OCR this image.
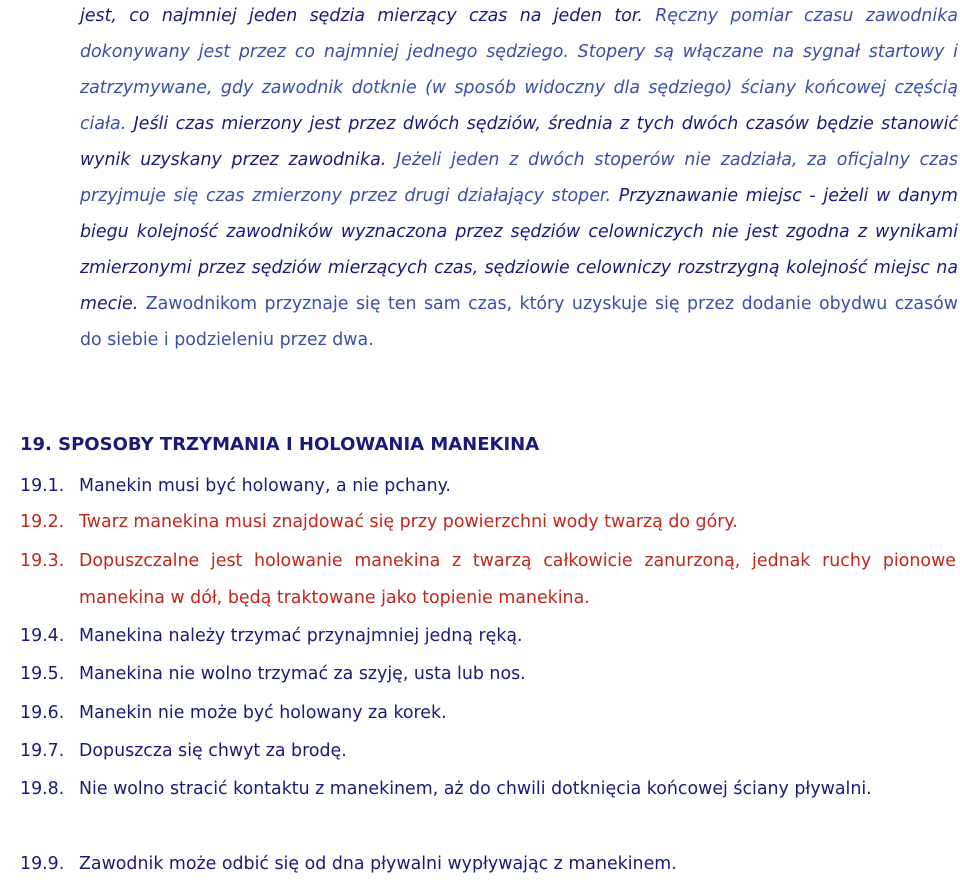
jest, co najmniej jeden sędzia mierzący czas na jeden tor. Ręczny pomiar czasu zawodnika dokonywany jest przez co najmniej jednego sędziego. Stopery są włączane na sygnał startowy i zatrzymywane, gdy zawodnik dotknie (w sposób widoczny dla sędziego) ściany końcowej częścią ciała. Jeśli czas mierzony jest przez dwóch sędziów, średnia z tych dwóch czasów będzie stanowić wynik uzyskany przez zawodnika. Jeżeli jeden z dwóch stoperów nie zadziała, za oficjalny czas przyjmuje się czas zmierzony przez drugi działający stoper. Przyznawanie miejsc - jeżeli w danym biegu kolejność zawodników wyznaczona przez sędziów celowniczych nie jest zgodna z wynikami zmierzonymi przez sędziów mierzących czas, sędziowie celowniczy rozstrzygną kolejność miejsc na mecie. Zawodnikom przyznaje się ten sam czas, który uzyskuje się przez dodanie obydwu czasów do siebie i podzieleniu przez dwa.
19. SPOSOBY TRZYMANIA I HOLOWANIA MANEKINA
19.1. Manekin musi być holowany, a nie pchany.
19.2. Twarz manekina musi znajdować się przy powierzchni wody twarzą do góry.
19.3. Dopuszczalne jest holowanie manekina z twarzą całkowicie zanurzoną, jednak ruchy pionowe manekina w dół, będą traktowane jako topienie manekina.
19.4. Manekina należy trzymać przynajmniej jedną ręką.
19.5. Manekina nie wolno trzymać za szyję, usta lub nos.
19.6. Manekin nie może być holowany za korek.
19.7. Dopuszcza się chwyt za brodę.
19.8. Nie wolno stracić kontaktu z manekinem, aż do chwili dotknięcia końcowej ściany pływalni.
19.9. Zawodnik może odbić się od dna pływalni wypływając z manekinem.
